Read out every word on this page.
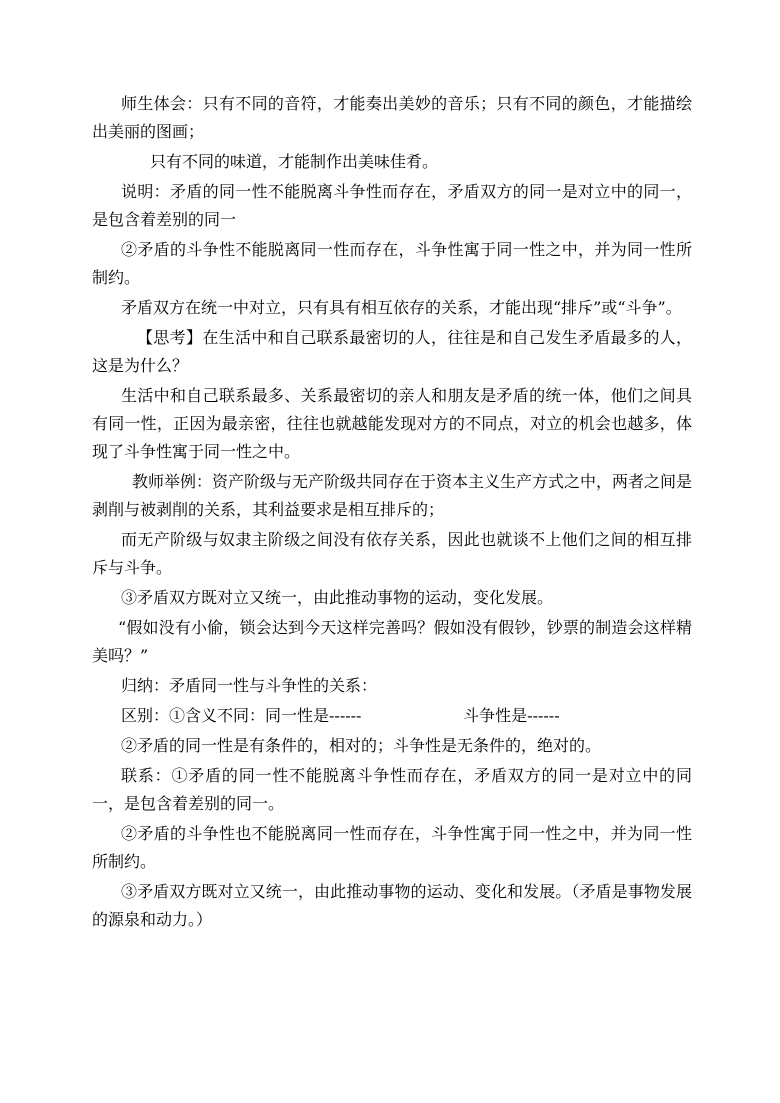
师生体会：只有不同的音符，才能奏出美妙的音乐；只有不同的颜色，才能描绘出美丽的图画；

只有不同的味道，才能制作出美味佳肴。

说明：矛盾的同一性不能脱离斗争性而存在，矛盾双方的同一是对立中的同一，是包含着差别的同一

②矛盾的斗争性不能脱离同一性而存在，斗争性寓于同一性之中，并为同一性所制约。

矛盾双方在统一中对立，只有具有相互依存的关系，才能出现“排斥”或“斗争”。

【思考】在生活中和自己联系最密切的人，往往是和自己发生矛盾最多的人，这是为什么？

生活中和自己联系最多、关系最密切的亲人和朋友是矛盾的统一体，他们之间具有同一性，正因为最亲密，往往也就越能发现对方的不同点，对立的机会也越多，体现了斗争性寓于同一性之中。

教师举例：资产阶级与无产阶级共同存在于资本主义生产方式之中，两者之间是剥削与被剥削的关系，其利益要求是相互排斥的；

而无产阶级与奴隶主阶级之间没有依存关系，因此也就谈不上他们之间的相互排斥与斗争。

③矛盾双方既对立又统一，由此推动事物的运动，变化发展。

“假如没有小偷，锁会达到今天这样完善吗？假如没有假钞，钞票的制造会这样精美吗？”

归纳：矛盾同一性与斗争性的关系：

区别：①含义不同：同一性是------                    斗争性是------

②矛盾的同一性是有条件的，相对的；斗争性是无条件的，绝对的。

联系：①矛盾的同一性不能脱离斗争性而存在，矛盾双方的同一是对立中的同一，是包含着差别的同一。

②矛盾的斗争性也不能脱离同一性而存在，斗争性寓于同一性之中，并为同一性所制约。

③矛盾双方既对立又统一，由此推动事物的运动、变化和发展。（矛盾是事物发展的源泉和动力。）
